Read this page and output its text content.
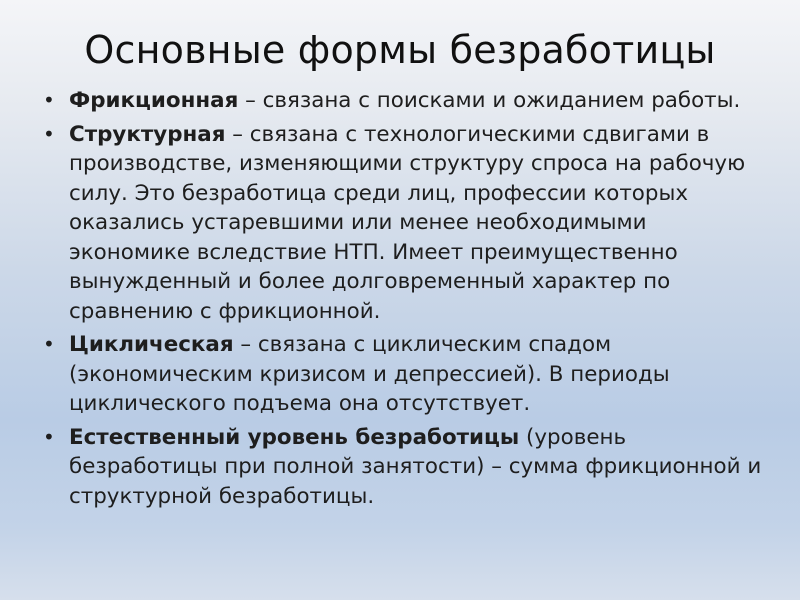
Основные формы безработицы
• Фрикционная – связана с поисками и ожиданием работы.
• Структурная – связана с технологическими сдвигами в производстве, изменяющими структуру спроса на рабочую силу. Это безработица среди лиц, профессии которых оказались устаревшими или менее необходимыми экономике вследствие НТП. Имеет преимущественно вынужденный и более долговременный характер по сравнению с фрикционной.
• Циклическая – связана с циклическим спадом (экономическим кризисом и депрессией). В периоды циклического подъема она отсутствует.
• Естественный уровень безработицы (уровень безработицы при полной занятости) – сумма фрикционной и структурной безработицы.
